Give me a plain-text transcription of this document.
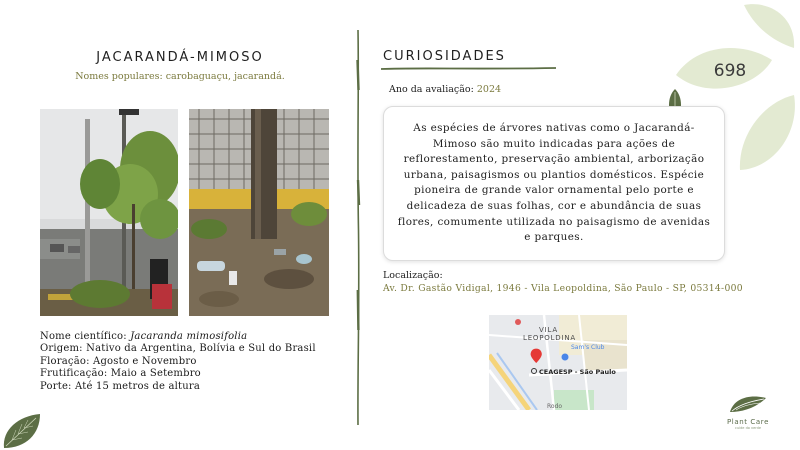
JACARANDÁ-MIMOSO
Nomes populares: carobaguaçu, jacarandá.
Nome científico: Jacaranda mimosifolia
Origem: Nativo da Argentina, Bolívia e Sul do Brasil
Floração: Agosto e Novembro
Frutificação: Maio a Setembro
Porte: Até 15 metros de altura
CURIOSIDADES
Ano da avaliação: 2024
698

As espécies de árvores nativas como o Jacarandá-Mimoso são muito indicadas para ações de reflorestamento, preservação ambiental, arborização urbana, paisagismos ou plantios domésticos. Espécie pioneira de grande valor ornamental pelo porte e delicadeza de suas folhas, cor e abundância de suas flores, comumente utilizada no paisagismo de avenidas e parques.

Localização:
Av. Dr. Gastão Vidigal, 1946 - Vila Leopoldina, São Paulo - SP, 05314-000
VILA
LEOPOLDINA
Sam's Club
CEAGESP - São Paulo
Rodo
Plant Care
cuide do verde
